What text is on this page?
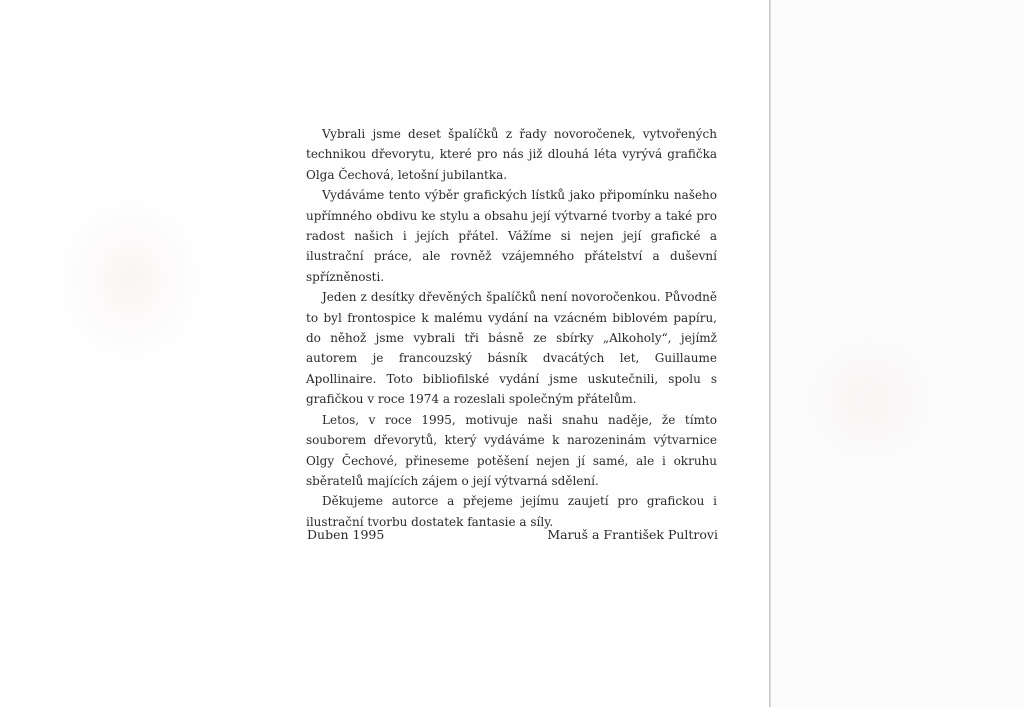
Vybrali jsme deset špalíčků z řady novoročenek, vytvořených technikou dřevorytu, které pro nás již dlouhá léta vyrývá grafička Olga Čechová, letošní jubilantka.

Vydáváme tento výběr grafických lístků jako připomínku našeho upřímného obdivu ke stylu a obsahu její výtvarné tvorby a také pro radost našich i jejích přátel. Vážíme si nejen její grafické a ilustrační práce, ale rovněž vzájemného přátelství a duševní spřízněnosti.

Jeden z desítky dřevěných špalíčků není novoročenkou. Původně to byl frontospice k malému vydání na vzácném biblovém papíru, do něhož jsme vybrali tři básně ze sbírky „Alkoholy“, jejímž autorem je francouzský básník dvacátých let, Guillaume Apollinaire. Toto bibliofilské vydání jsme uskutečnili, spolu s grafičkou v roce 1974 a rozeslali společným přátelům.

Letos, v roce 1995, motivuje naši snahu naděje, že tímto souborem dřevorytů, který vydáváme k narozeninám výtvarnice Olgy Čechové, přineseme potěšení nejen jí samé, ale i okruhu sběratelů majících zájem o její výtvarná sdělení.

Děkujeme autorce a přejeme jejímu zaujetí pro grafickou i ilustrační tvorbu dostatek fantasie a síly.

Duben 1995	Maruš a František Pultrovi
